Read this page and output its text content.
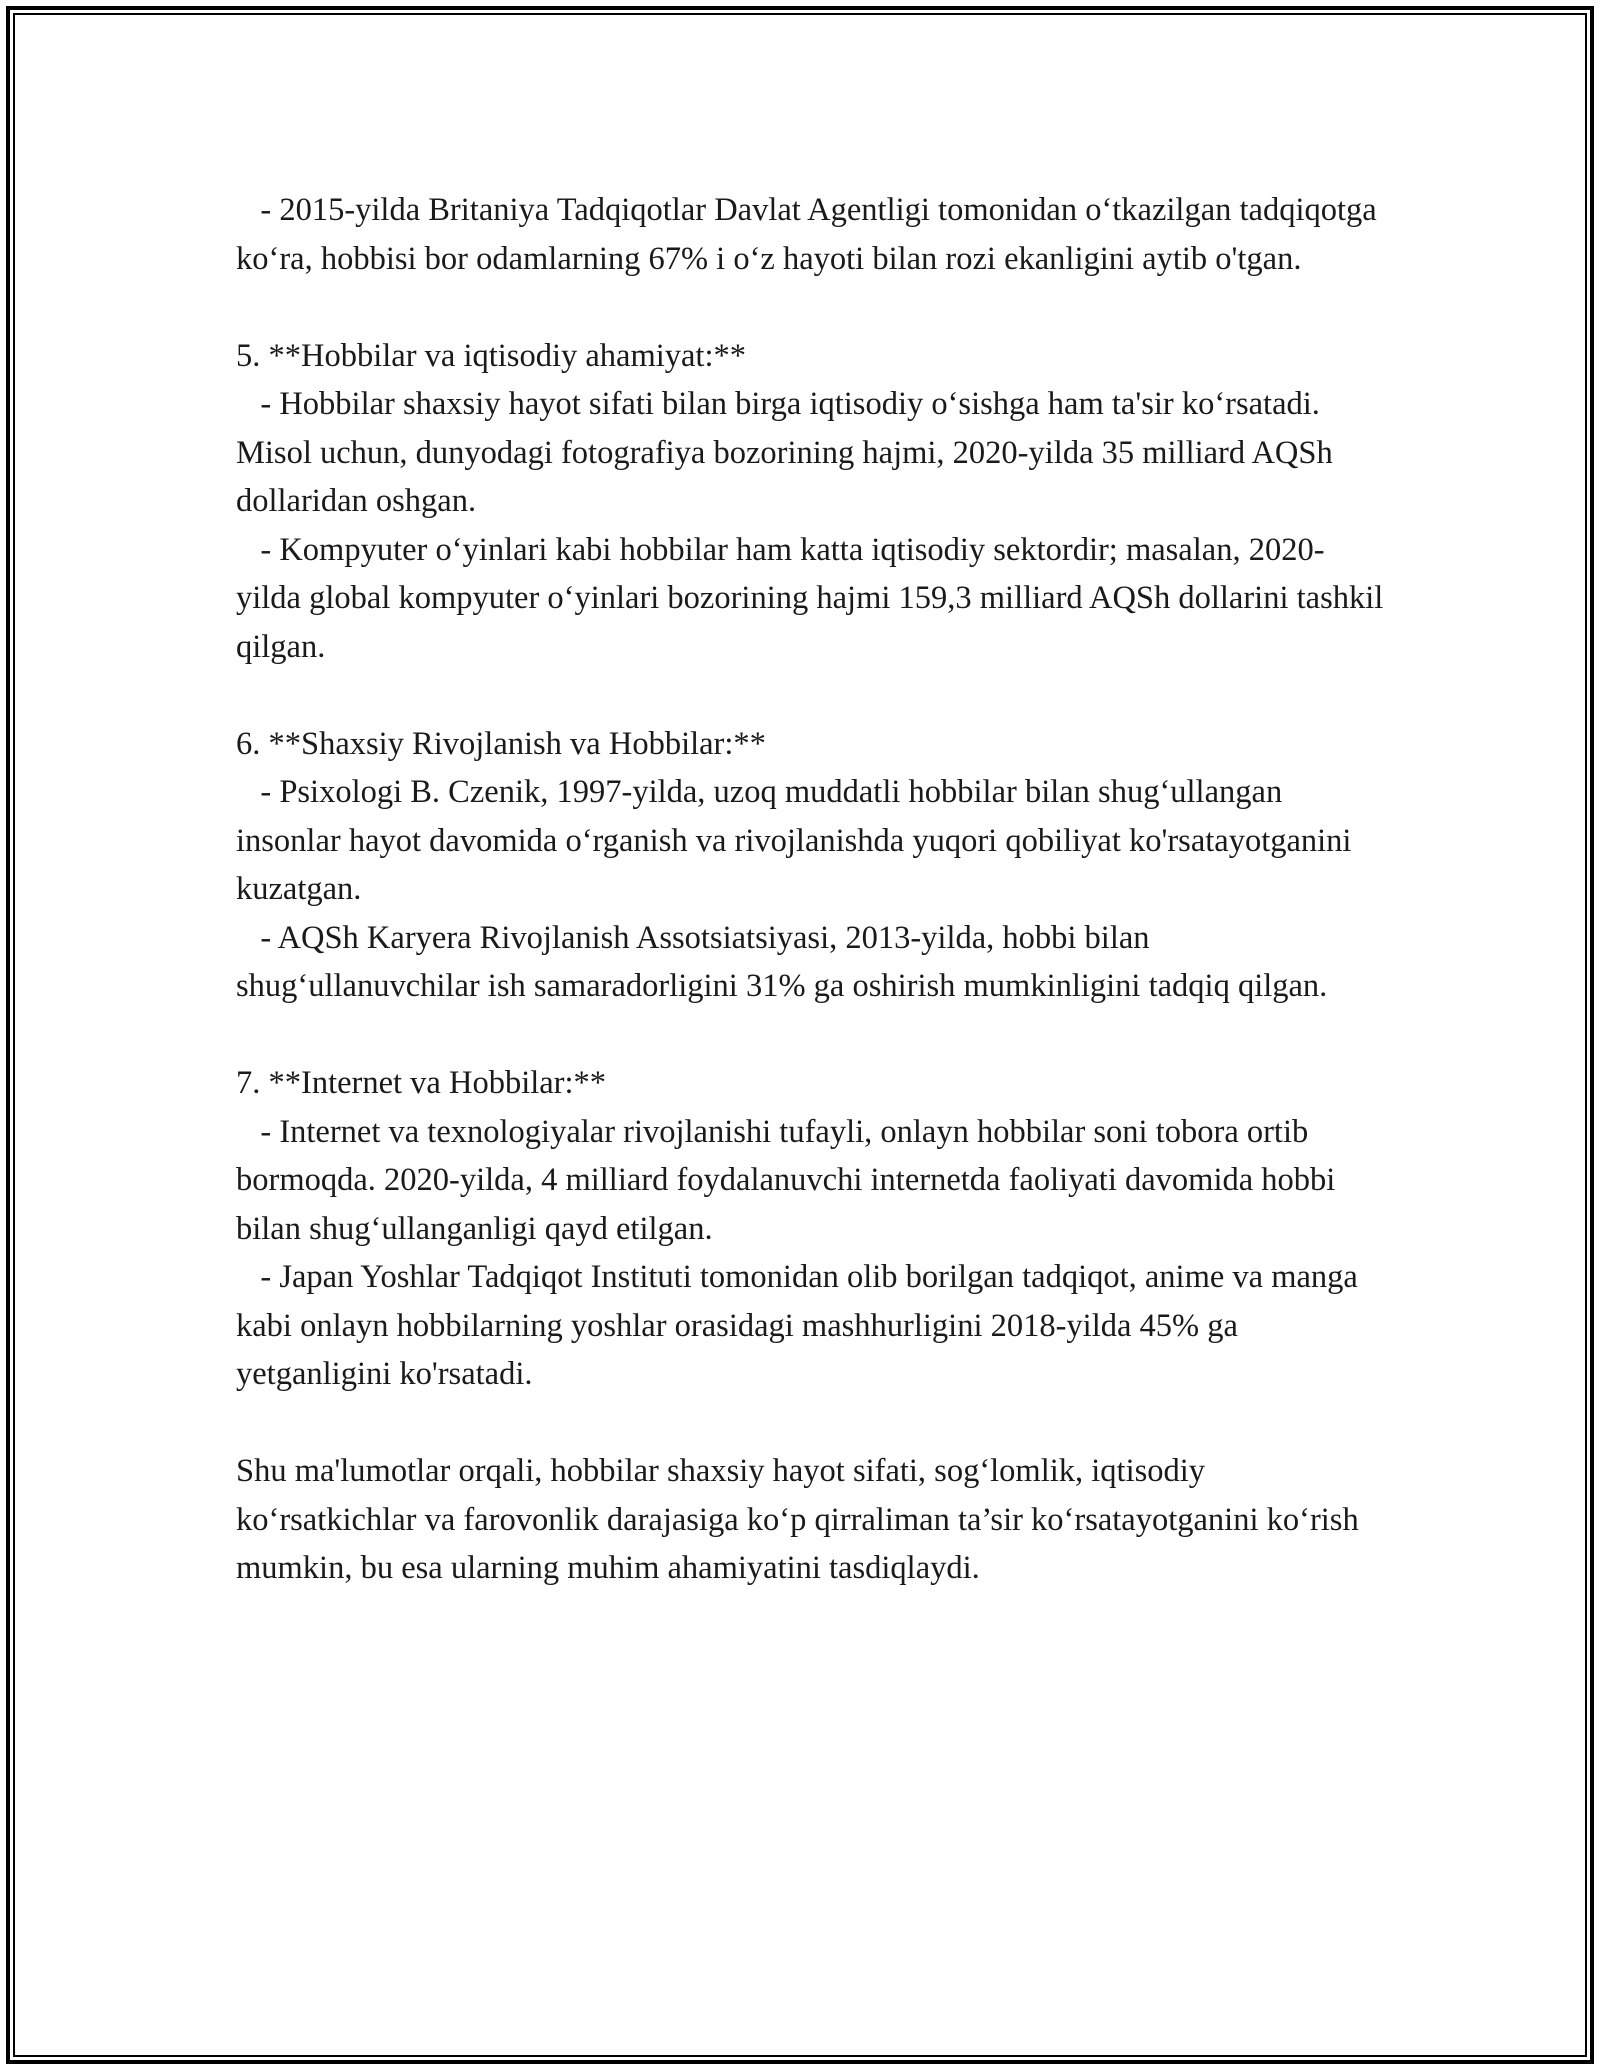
- 2015-yilda Britaniya Tadqiqotlar Davlat Agentligi tomonidan o‘tkazilgan tadqiqotga ko‘ra, hobbisi bor odamlarning 67% i o‘z hayoti bilan rozi ekanligini aytib o'tgan.

5. **Hobbilar va iqtisodiy ahamiyat:**

- Hobbilar shaxsiy hayot sifati bilan birga iqtisodiy o‘sishga ham ta'sir ko‘rsatadi. Misol uchun, dunyodagi fotografiya bozorining hajmi, 2020-yilda 35 milliard AQSh dollaridan oshgan.

- Kompyuter o‘yinlari kabi hobbilar ham katta iqtisodiy sektordir; masalan, 2020-yilda global kompyuter o‘yinlari bozorining hajmi 159,3 milliard AQSh dollarini tashkil qilgan.

6. **Shaxsiy Rivojlanish va Hobbilar:**

- Psixologi B. Czenik, 1997-yilda, uzoq muddatli hobbilar bilan shug‘ullangan insonlar hayot davomida o‘rganish va rivojlanishda yuqori qobiliyat ko'rsatayotganini kuzatgan.

- AQSh Karyera Rivojlanish Assotsiatsiyasi, 2013-yilda, hobbi bilan shug‘ullanuvchilar ish samaradorligini 31% ga oshirish mumkinligini tadqiq qilgan.

7. **Internet va Hobbilar:**

- Internet va texnologiyalar rivojlanishi tufayli, onlayn hobbilar soni tobora ortib bormoqda. 2020-yilda, 4 milliard foydalanuvchi internetda faoliyati davomida hobbi bilan shug‘ullanganligi qayd etilgan.

- Japan Yoshlar Tadqiqot Instituti tomonidan olib borilgan tadqiqot, anime va manga kabi onlayn hobbilarning yoshlar orasidagi mashhurligini 2018-yilda 45% ga yetganligini ko'rsatadi.

Shu ma'lumotlar orqali, hobbilar shaxsiy hayot sifati, sog‘lomlik, iqtisodiy ko‘rsatkichlar va farovonlik darajasiga ko‘p qirraliman ta’sir ko‘rsatayotganini ko‘rish mumkin, bu esa ularning muhim ahamiyatini tasdiqlaydi.
